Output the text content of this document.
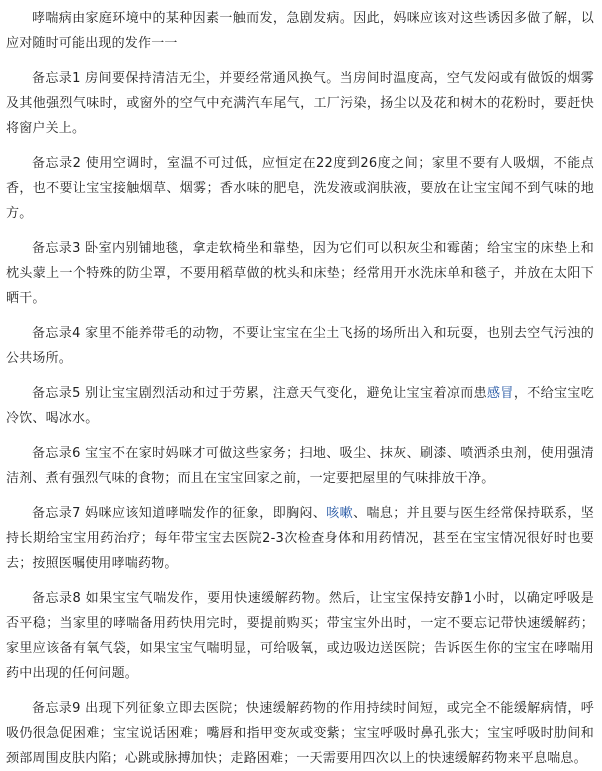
哮喘病由家庭环境中的某种因素一触而发，急剧发病。因此，妈咪应该对这些诱因多做了解，以应对随时可能出现的发作一一

备忘录1 房间要保持清洁无尘，并要经常通风换气。当房间时温度高，空气发闷或有做饭的烟雾及其他强烈气味时，或窗外的空气中充满汽车尾气，工厂污染，扬尘以及花和树木的花粉时，要赶快将窗户关上。

备忘录2 使用空调时，室温不可过低，应恒定在22度到26度之间；家里不要有人吸烟，不能点香，也不要让宝宝接触烟草、烟雾；香水味的肥皂，洗发液或润肤液，要放在让宝宝闻不到气味的地方。

备忘录3 卧室内别铺地毯，拿走软椅坐和靠垫，因为它们可以积灰尘和霉菌；给宝宝的床垫上和枕头蒙上一个特殊的防尘罩，不要用稻草做的枕头和床垫；经常用开水洗床单和毯子，并放在太阳下晒干。

备忘录4 家里不能养带毛的动物，不要让宝宝在尘土飞扬的场所出入和玩耍，也别去空气污浊的公共场所。

备忘录5 别让宝宝剧烈活动和过于劳累，注意天气变化，避免让宝宝着凉而患感冒，不给宝宝吃冷饮、喝冰水。

备忘录6 宝宝不在家时妈咪才可做这些家务；扫地、吸尘、抹灰、刷漆、喷洒杀虫剂，使用强清洁剂、煮有强烈气味的食物；而且在宝宝回家之前，一定要把屋里的气味排放干净。

备忘录7 妈咪应该知道哮喘发作的征象，即胸闷、咳嗽、喘息；并且要与医生经常保持联系，坚持长期给宝宝用药治疗；每年带宝宝去医院2-3次检查身体和用药情况，甚至在宝宝情况很好时也要去；按照医嘱使用哮喘药物。

备忘录8 如果宝宝气喘发作，要用快速缓解药物。然后，让宝宝保持安静1小时，以确定呼吸是否平稳；当家里的哮喘备用药快用完时，要提前购买；带宝宝外出时，一定不要忘记带快速缓解药；家里应该备有氧气袋，如果宝宝气喘明显，可给吸氧，或边吸边送医院；告诉医生你的宝宝在哮喘用药中出现的任何问题。

备忘录9 出现下列征象立即去医院；快速缓解药物的作用持续时间短，或完全不能缓解病情，呼吸仍很急促困难；宝宝说话困难；嘴唇和指甲变灰或变紫；宝宝呼吸时鼻孔张大；宝宝呼吸时肋间和颈部周围皮肤内陷；心跳或脉搏加快；走路困难；一天需要用四次以上的快速缓解药物来平息喘息。
